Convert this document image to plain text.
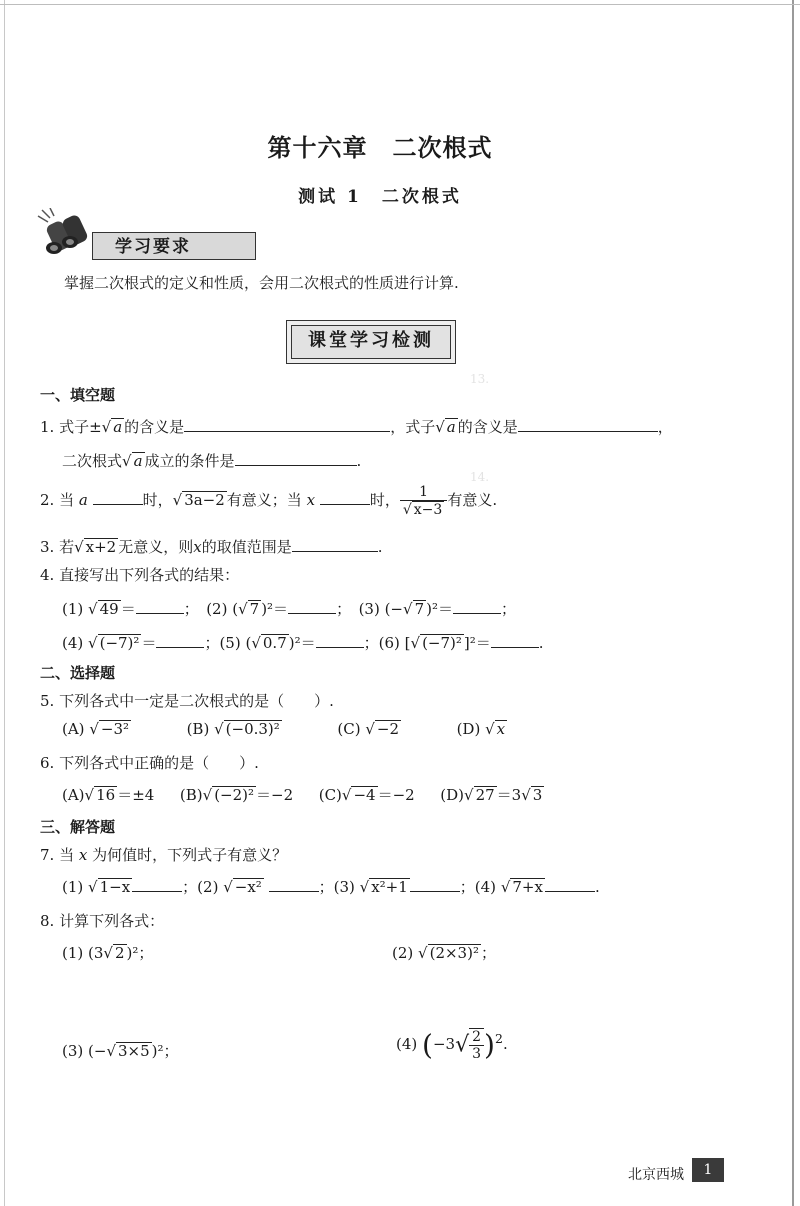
第十六章　二次根式
测试 1　二次根式
学习要求
掌握二次根式的定义和性质，会用二次根式的性质进行计算.
课堂学习检测
13.
14.
一、填空题
1. 式子±√ a 的含义是	，式子√ a 的含义是	，
二次根式√ a 成立的条件是	.
2. 当 a	时，√ 3a−2 有意义；当 x	时， $\frac{1}{√ x-3}$ 有意义.
3. 若√ x+2 无意义，则x的取值范围是	.
4. 直接写出下列各式的结果：
(1) √ 49 ＝	；　(2) (√ 7 )²＝	；　(3) (−√ 7 )²＝	；
(4) √ (−7)² ＝	；(5) (√ 0.7 )²＝	；(6) [√ (−7)² ]²＝	.
二、选择题
5. 下列各式中一定是二次根式的是（　　）.
(A) √ −3²	(B) √ (−0.3)²	(C) √ −2	(D) √ x
6. 下列各式中正确的是（　　）.
(A)√ 16 ＝±4 (B)√ (−2)² ＝−2 (C)√ −4 ＝−2 (D)√ 27 ＝3√ 3
三、解答题
7. 当 x 为何值时，下列式子有意义？
(1) √ 1−x	；(2) √ −x²	；(3) √ x²+1	；(4) √ 7+x	.
8. 计算下列各式：
(1) (3√ 2 )²；	(2) √ (2×3)² ；
(3) (−√ 3×5 )²；	(4) $(-3√ \frac{2}{3} )^2$.
北京西城	1
